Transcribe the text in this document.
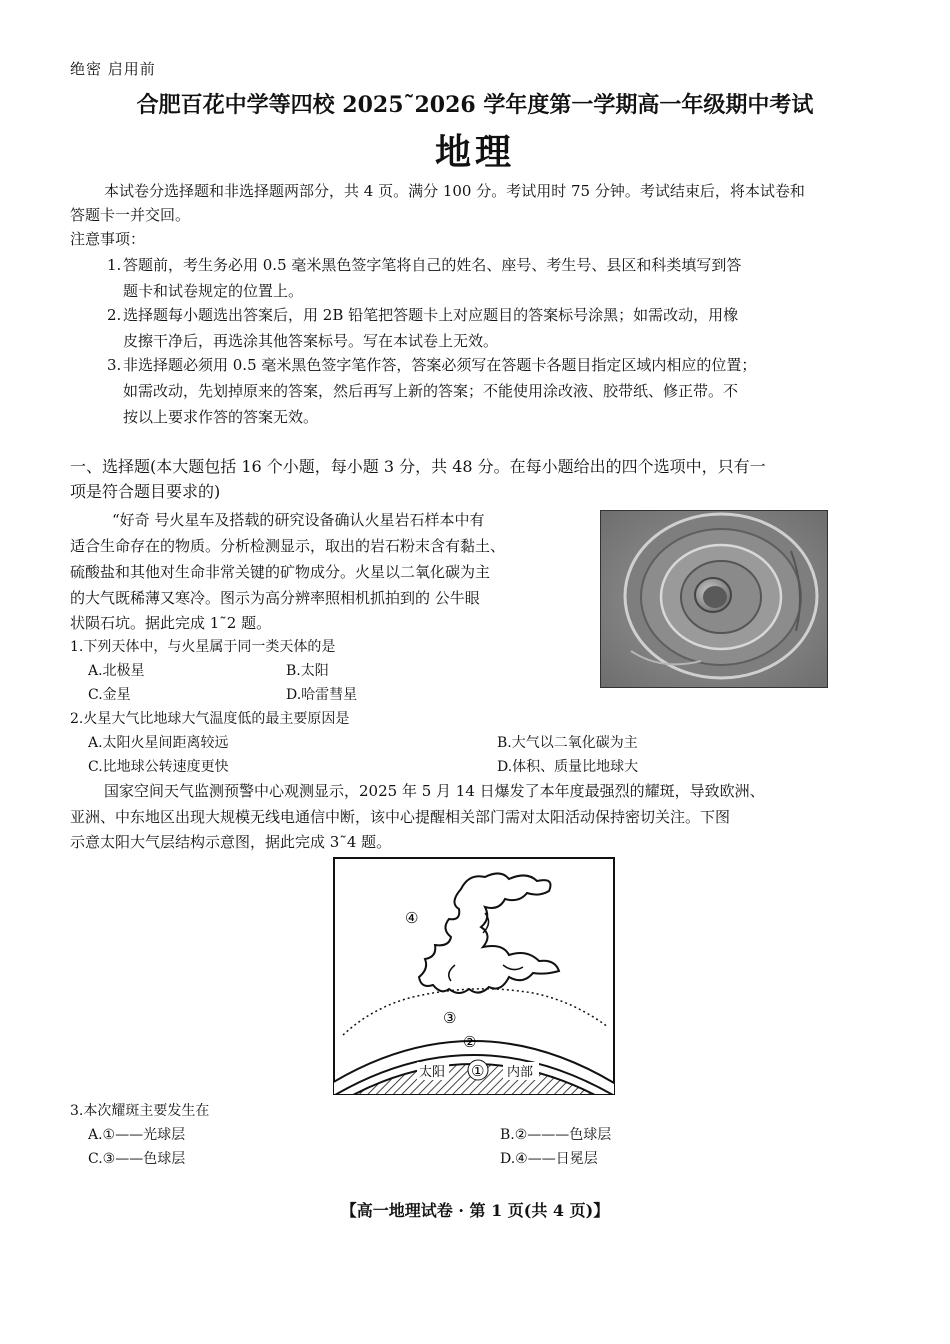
绝密 启用前
合肥百花中学等四校 2025˜2026 学年度第一学期高一年级期中考试
地理
本试卷分选择题和非选择题两部分，共 4 页。满分 100 分。考试用时 75 分钟。考试结束后，将本试卷和
答题卡一并交回。
注意事项：
1. 答题前，考生务必用 0.5 毫米黑色签字笔将自己的姓名、座号、考生号、县区和科类填写到答
题卡和试卷规定的位置上。
2. 选择题每小题选出答案后，用 2B 铅笔把答题卡上对应题目的答案标号涂黑；如需改动，用橡
皮擦干净后，再选涂其他答案标号。写在本试卷上无效。
3. 非选择题必须用 0.5 毫米黑色签字笔作答，答案必须写在答题卡各题目指定区域内相应的位置；
如需改动，先划掉原来的答案，然后再写上新的答案；不能使用涂改液、胶带纸、修正带。不
按以上要求作答的答案无效。
一、选择题(本大题包括 16 个小题，每小题 3 分，共 48 分。在每小题给出的四个选项中，只有一
项是符合题目要求的)
“好奇 号火星车及搭载的研究设备确认火星岩石样本中有
适合生命存在的物质。分析检测显示，取出的岩石粉末含有黏土、
硫酸盐和其他对生命非常关键的矿物成分。火星以二氧化碳为主
的大气既稀薄又寒冷。图示为高分辨率照相机抓拍到的 公牛眼
状陨石坑。据此完成 1˜2 题。
1.下列天体中，与火星属于同一类天体的是
A.北极星	B.太阳
C.金星	D.哈雷彗星
2.火星大气比地球大气温度低的最主要原因是
A.太阳火星间距离较远	B.大气以二氧化碳为主
C.比地球公转速度更快	D.体积、质量比地球大
国家空间天气监测预警中心观测显示，2025 年 5 月 14 日爆发了本年度最强烈的耀斑，导致欧洲、
亚洲、中东地区出现大规模无线电通信中断，该中心提醒相关部门需对太阳活动保持密切关注。下图
示意太阳大气层结构示意图，据此完成 3˜4 题。
④
③
②
①
太阳	内部
3.本次耀斑主要发生在
A.①——光球层	B.②———色球层
C.③——色球层	D.④——日冕层
【高一地理试卷 · 第 1 页(共 4 页)】
